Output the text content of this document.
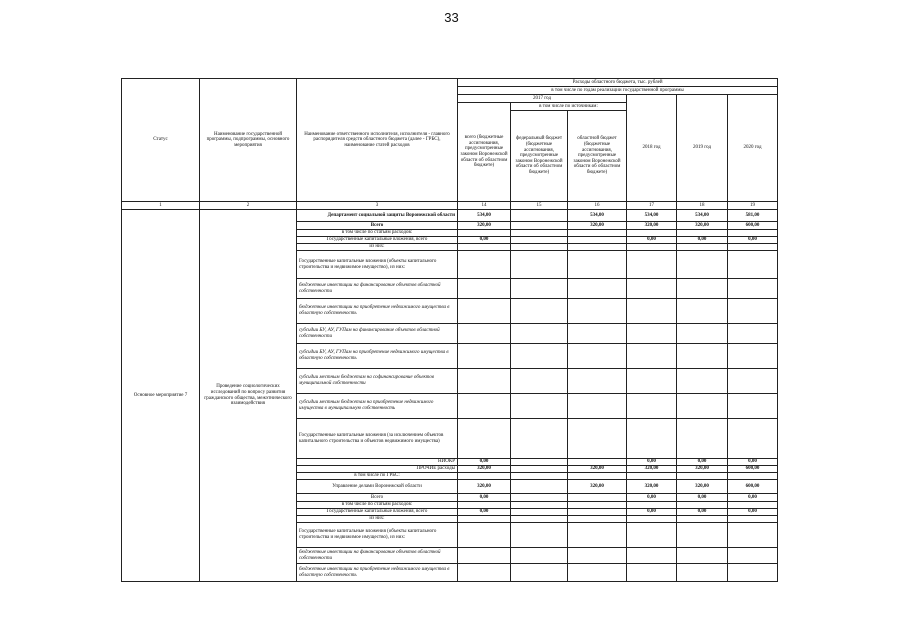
33
Статус	Наименование государственной программы, подпрограммы, основного мероприятия	Наименование ответственного исполнителя, исполнителя - главного распорядителя средств областного бюджета (далее - ГРБС), наименование статей расходов	Расходы областного бюджета, тыс. рублей					
			в том числе по годам реализации государственной программы					
			2017 год			2018 год	2019 год	2020 год
			всего (бюджетные ассигнования, предусмотренные законом Воронежской области об областном бюджете)	в том числе по источникам:				
				федеральный бюджет (бюджетные ассигнования, предусмотренные законом Воронежской области об областном бюджете)	областной бюджет (бюджетные ассигнования, предусмотренные законом Воронежской области об областном бюджете)			
1	2	3	14	15	16	17	18	19
Основное мероприятие 7	Проведение социологических исследований по вопросу развития гражданского общества, межэтнического взаимодействия	Департамент социальной защиты Воронежской области	534,00		534,00	534,00	534,00	581,00
		Всего	320,00		320,00	320,00	320,00	600,00
		в том числе по статьям расходов:						
		Государственные капитальные вложения, всего	0,00			0,00	0,00	0,00
		из них:						
		Государственные капитальные вложения (объекты капитального строительства и недвижимое имущество), из них:						
		бюджетные инвестиции на финансирование объектов областной собственности						
		бюджетные инвестиции на приобретение недвижимого имущества в областную собственность						
		субсидии БУ, АУ, ГУПам на финансирование объектов областной собственности						
		субсидии БУ, АУ, ГУПам на приобретение недвижимого имущества в областную собственность						
		субсидии местным бюджетам на софинансирование объектов муниципальной собственности						
		субсидии местным бюджетам на приобретение недвижимого имущества в муниципальную собственность						
		Государственные капитальные вложения (за исключением объектов капитального строительства и объектов недвижимого имущества)						
		НИОКР	0,00			0,00	0,00	0,00
		ПРОЧИЕ расходы	320,00		320,00	320,00	320,00	600,00
		в том числе по ГРБС:						
		Управление делами Воронежской области	320,00		320,00	320,00	320,00	600,00
		Всего	0,00			0,00	0,00	0,00
		в том числе по статьям расходов:						
		Государственные капитальные вложения, всего	0,00			0,00	0,00	0,00
		из них:						
		Государственные капитальные вложения (объекты капитального строительства и недвижимое имущество), из них:						
		бюджетные инвестиции на финансирование объектов областной собственности						
		бюджетные инвестиции на приобретение недвижимого имущества в областную собственность						
